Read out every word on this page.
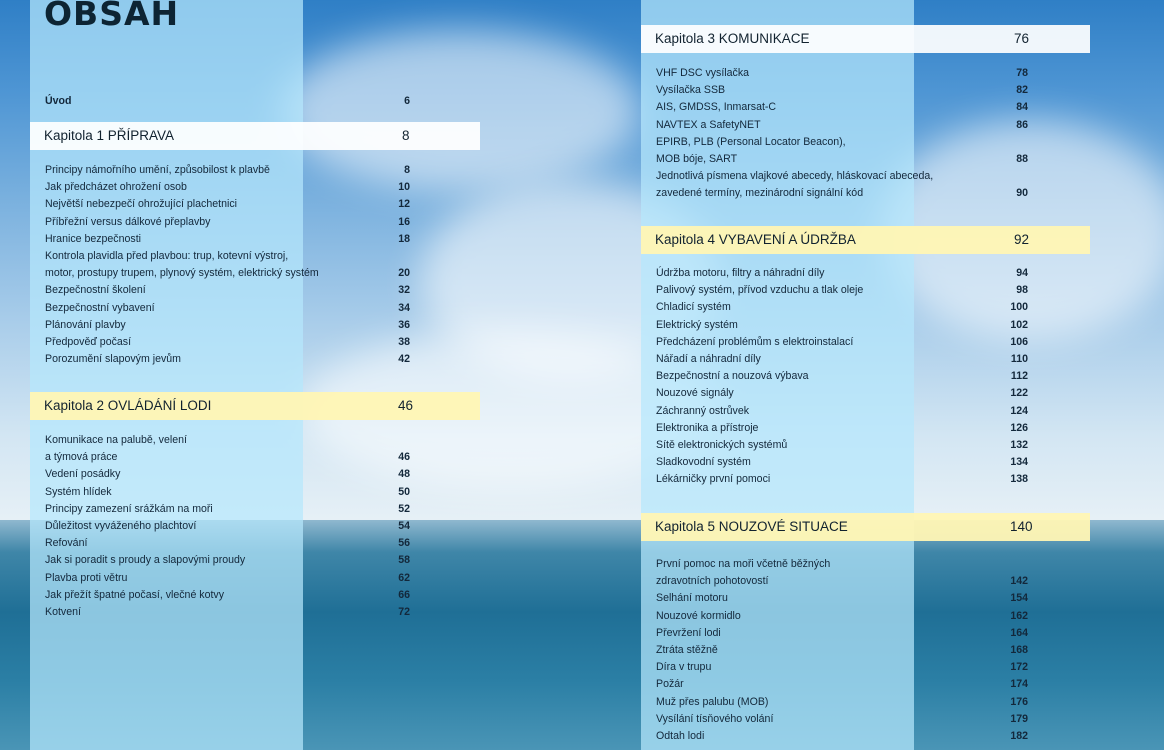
OBSAH
Úvod	6
Kapitola 1 PŘÍPRAVA	8
Principy námořního umění, způsobilost k plavbě	8
Jak předcházet ohrožení osob	10
Největší nebezpečí ohrožující plachetnici	12
Příbřežní versus dálkové přeplavby	16
Hranice bezpečnosti	18
Kontrola plavidla před plavbou: trup, kotevní výstroj,
motor, prostupy trupem, plynový systém, elektrický systém	20
Bezpečnostní školení	32
Bezpečnostní vybavení	34
Plánování plavby	36
Předpověď počasí	38
Porozumění slapovým jevům	42
Kapitola 2 OVLÁDÁNÍ LODI	46
Komunikace na palubě, velení
a týmová práce	46
Vedení posádky	48
Systém hlídek	50
Principy zamezení srážkám na moři	52
Důležitost vyváženého plachtoví	54
Refování	56
Jak si poradit s proudy a slapovými proudy	58
Plavba proti větru	62
Jak přežít špatné počasí, vlečné kotvy	66
Kotvení	72
Kapitola 3 KOMUNIKACE	76
VHF DSC vysílačka	78
Vysílačka SSB	82
AIS, GMDSS, Inmarsat-C	84
NAVTEX a SafetyNET	86
EPIRB, PLB (Personal Locator Beacon),
MOB bóje, SART	88
Jednotlivá písmena vlajkové abecedy, hláskovací abeceda,
zavedené termíny, mezinárodní signální kód	90
Kapitola 4 VYBAVENÍ A ÚDRŽBA	92
Údržba motoru, filtry a náhradní díly	94
Palivový systém, přívod vzduchu a tlak oleje	98
Chladicí systém	100
Elektrický systém	102
Předcházení problémům s elektroinstalací	106
Nářadí a náhradní díly	110
Bezpečnostní a nouzová výbava	112
Nouzové signály	122
Záchranný ostrůvek	124
Elektronika a přístroje	126
Sítě elektronických systémů	132
Sladkovodní systém	134
Lékárničky první pomoci	138
Kapitola 5 NOUZOVÉ SITUACE	140
První pomoc na moři včetně běžných
zdravotních pohotovostí	142
Selhání motoru	154
Nouzové kormidlo	162
Převržení lodi	164
Ztráta stěžně	168
Díra v trupu	172
Požár	174
Muž přes palubu (MOB)	176
Vysílání tísňového volání	179
Odtah lodi	182
